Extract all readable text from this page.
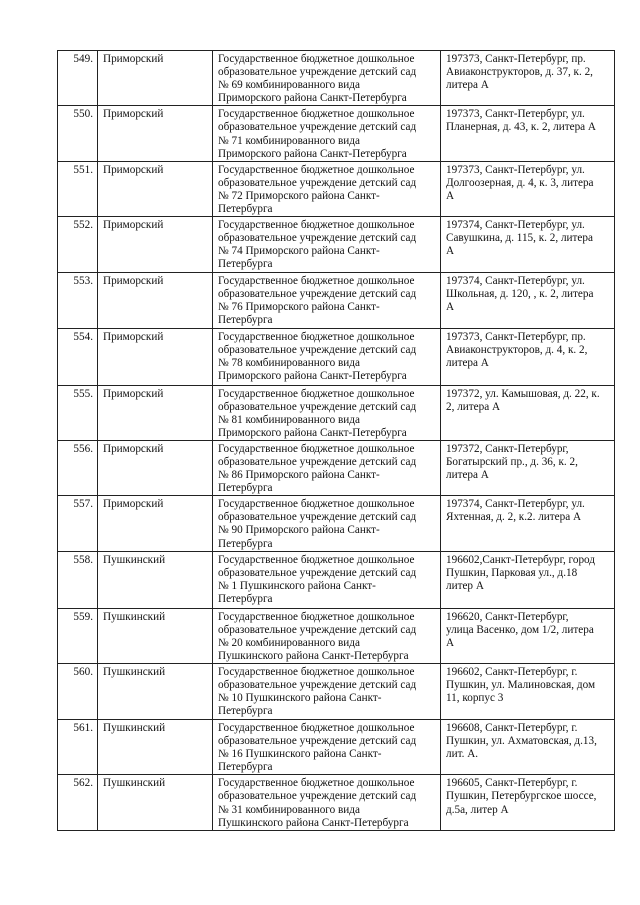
549.	Приморский	Государственное бюджетное дошкольное
образовательное учреждение детский сад
№ 69 комбинированного вида
Приморского района Санкт-Петербурга	197373, Санкт-Петербург, пр.
Авиаконструкторов, д. 37, к. 2,
литера А

550.	Приморский	Государственное бюджетное дошкольное
образовательное учреждение детский сад
№ 71 комбинированного вида
Приморского района Санкт-Петербурга	197373, Санкт-Петербург, ул.
Планерная, д. 43, к. 2, литера А

551.	Приморский	Государственное бюджетное дошкольное
образовательное учреждение детский сад
№ 72 Приморского района Санкт-
Петербурга	197373, Санкт-Петербург, ул.
Долгоозерная, д. 4, к. 3, литера
А

552.	Приморский	Государственное бюджетное дошкольное
образовательное учреждение детский сад
№ 74 Приморского района Санкт-
Петербурга	197374, Санкт-Петербург, ул.
Савушкина, д. 115, к. 2, литера
А

553.	Приморский	Государственное бюджетное дошкольное
образовательное учреждение детский сад
№ 76 Приморского района Санкт-
Петербурга	197374, Санкт-Петербург, ул.
Школьная, д. 120, , к. 2, литера
А

554.	Приморский	Государственное бюджетное дошкольное
образовательное учреждение детский сад
№ 78 комбинированного вида
Приморского района Санкт-Петербурга	197373, Санкт-Петербург, пр.
Авиаконструкторов, д. 4, к. 2,
литера А

555.	Приморский	Государственное бюджетное дошкольное
образовательное учреждение детский сад
№ 81 комбинированного вида
Приморского района Санкт-Петербурга	197372, ул. Камышовая, д. 22, к.
2, литера А

556.	Приморский	Государственное бюджетное дошкольное
образовательное учреждение детский сад
№ 86 Приморского района Санкт-
Петербурга	197372, Санкт-Петербург,
Богатырский пр., д. 36, к. 2,
литера А

557.	Приморский	Государственное бюджетное дошкольное
образовательное учреждение детский сад
№ 90 Приморского района Санкт-
Петербурга	197374, Санкт-Петербург, ул.
Яхтенная, д. 2, к.2. литера А

558.	Пушкинский	Государственное бюджетное дошкольное
образовательное учреждение детский сад
№ 1 Пушкинского района Санкт-
Петербурга	196602,Санкт-Петербург, город
Пушкин, Парковая ул., д.18
литер А

559.	Пушкинский	Государственное бюджетное дошкольное
образовательное учреждение детский сад
№ 20 комбинированного вида
Пушкинского района Санкт-Петербурга	196620, Санкт-Петербург,
улица Васенко, дом 1/2, литера
А

560.	Пушкинский	Государственное бюджетное дошкольное
образовательное учреждение детский сад
№ 10 Пушкинского района Санкт-
Петербурга	196602, Санкт-Петербург, г.
Пушкин, ул. Малиновская, дом
11, корпус 3

561.	Пушкинский	Государственное бюджетное дошкольное
образовательное учреждение детский сад
№ 16 Пушкинского района Санкт-
Петербурга	196608, Санкт-Петербург, г.
Пушкин, ул. Ахматовская, д.13,
лит. А.

562.	Пушкинский	Государственное бюджетное дошкольное
образовательное учреждение детский сад
№ 31 комбинированного вида
Пушкинского района Санкт-Петербурга	196605, Санкт-Петербург, г.
Пушкин, Петербургское шоссе,
д.5а, литер А
